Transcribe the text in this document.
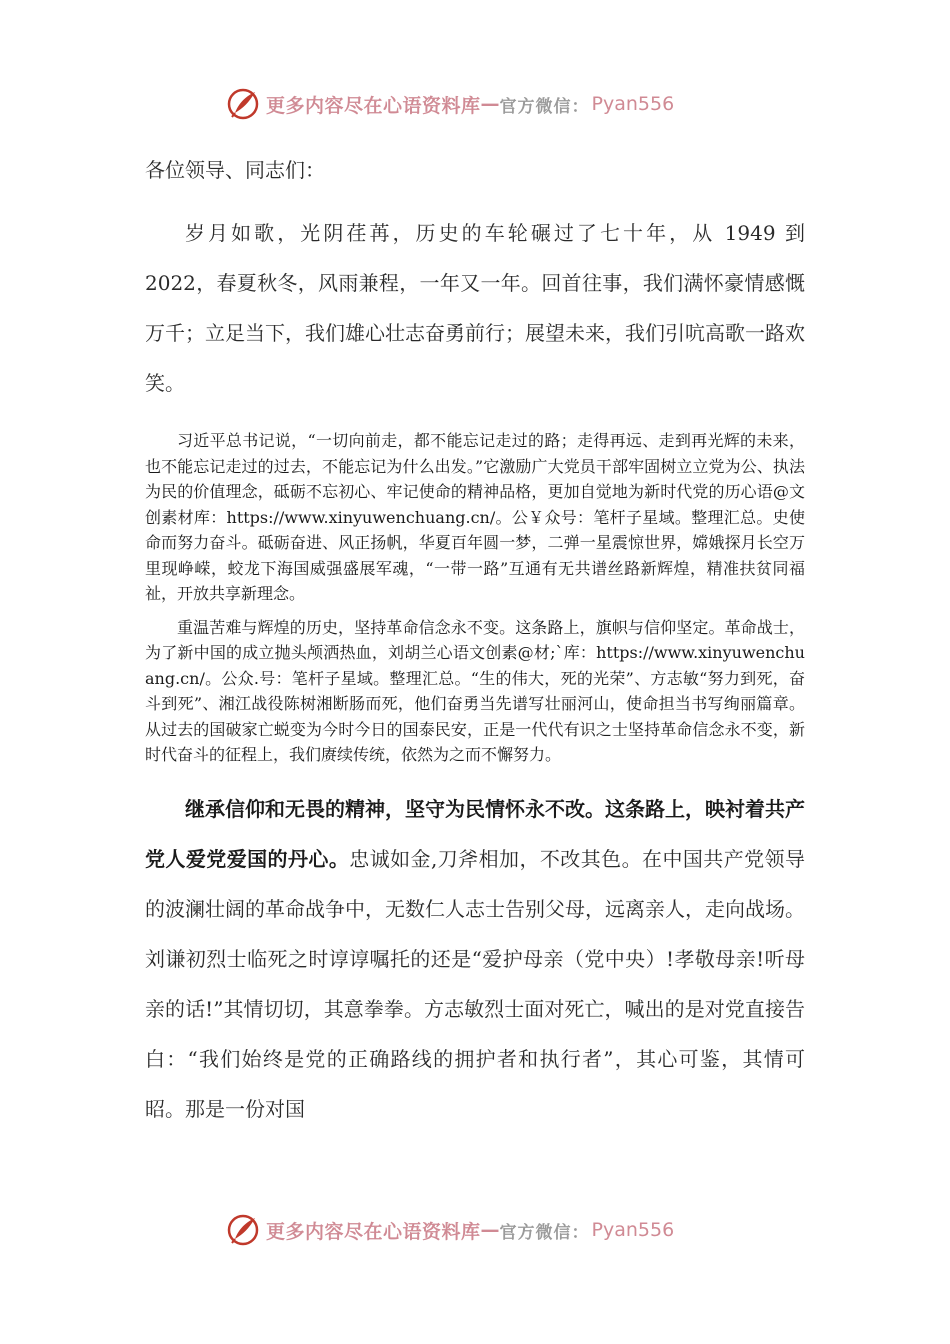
更多内容尽在心语资料库 — 官方微信： Pyan556

各位领导、同志们：

岁月如歌，光阴荏苒，历史的车轮碾过了七十年，从 1949 到 2022，春夏秋冬，风雨兼程，一年又一年。回首往事，我们满怀豪情感慨万千；立足当下，我们雄心壮志奋勇前行；展望未来，我们引吭高歌一路欢笑。

习近平总书记说，“一切向前走，都不能忘记走过的路；走得再远、走到再光辉的未来，也不能忘记走过的过去，不能忘记为什么出发。”它激励广大党员干部牢固树立立党为公、执法为民的价值理念，砥砺不忘初心、牢记使命的精神品格，更加自觉地为新时代党的历心语@文创素材库：https://www.xinyuwenchuang.cn/。公￥众号：笔杆子星域。整理汇总。史使命而努力奋斗。砥砺奋进、风正扬帆，华夏百年圆一梦，二弹一星震惊世界，嫦娥探月长空万里现峥嵘，蛟龙下海国威强盛展军魂，“一带一路”互通有无共谱丝路新辉煌，精准扶贫同福祉，开放共享新理念。

重温苦难与辉煌的历史，坚持革命信念永不变。这条路上，旗帜与信仰坚定。革命战士，为了新中国的成立抛头颅洒热血，刘胡兰心语文创素@材;`库：https://www.xinyuwenchuang.cn/。公众.号：笔杆子星域。整理汇总。“生的伟大，死的光荣”、方志敏“努力到死，奋斗到死”、湘江战役陈树湘断肠而死，他们奋勇当先谱写壮丽河山，使命担当书写绚丽篇章。从过去的国破家亡蜕变为今时今日的国泰民安，正是一代代有识之士坚持革命信念永不变，新时代奋斗的征程上，我们赓续传统，依然为之而不懈努力。

继承信仰和无畏的精神，坚守为民情怀永不改。这条路上，映衬着共产党人爱党爱国的丹心。忠诚如金,刀斧相加，不改其色。在中国共产党领导的波澜壮阔的革命战争中，无数仁人志士告别父母，远离亲人，走向战场。刘谦初烈士临死之时谆谆嘱托的还是“爱护母亲（党中央）!孝敬母亲!听母亲的话!”其情切切，其意拳拳。方志敏烈士面对死亡，喊出的是对党直接告白：“我们始终是党的正确路线的拥护者和执行者”，其心可鉴，其情可昭。那是一份对国

更多内容尽在心语资料库 — 官方微信： Pyan556
